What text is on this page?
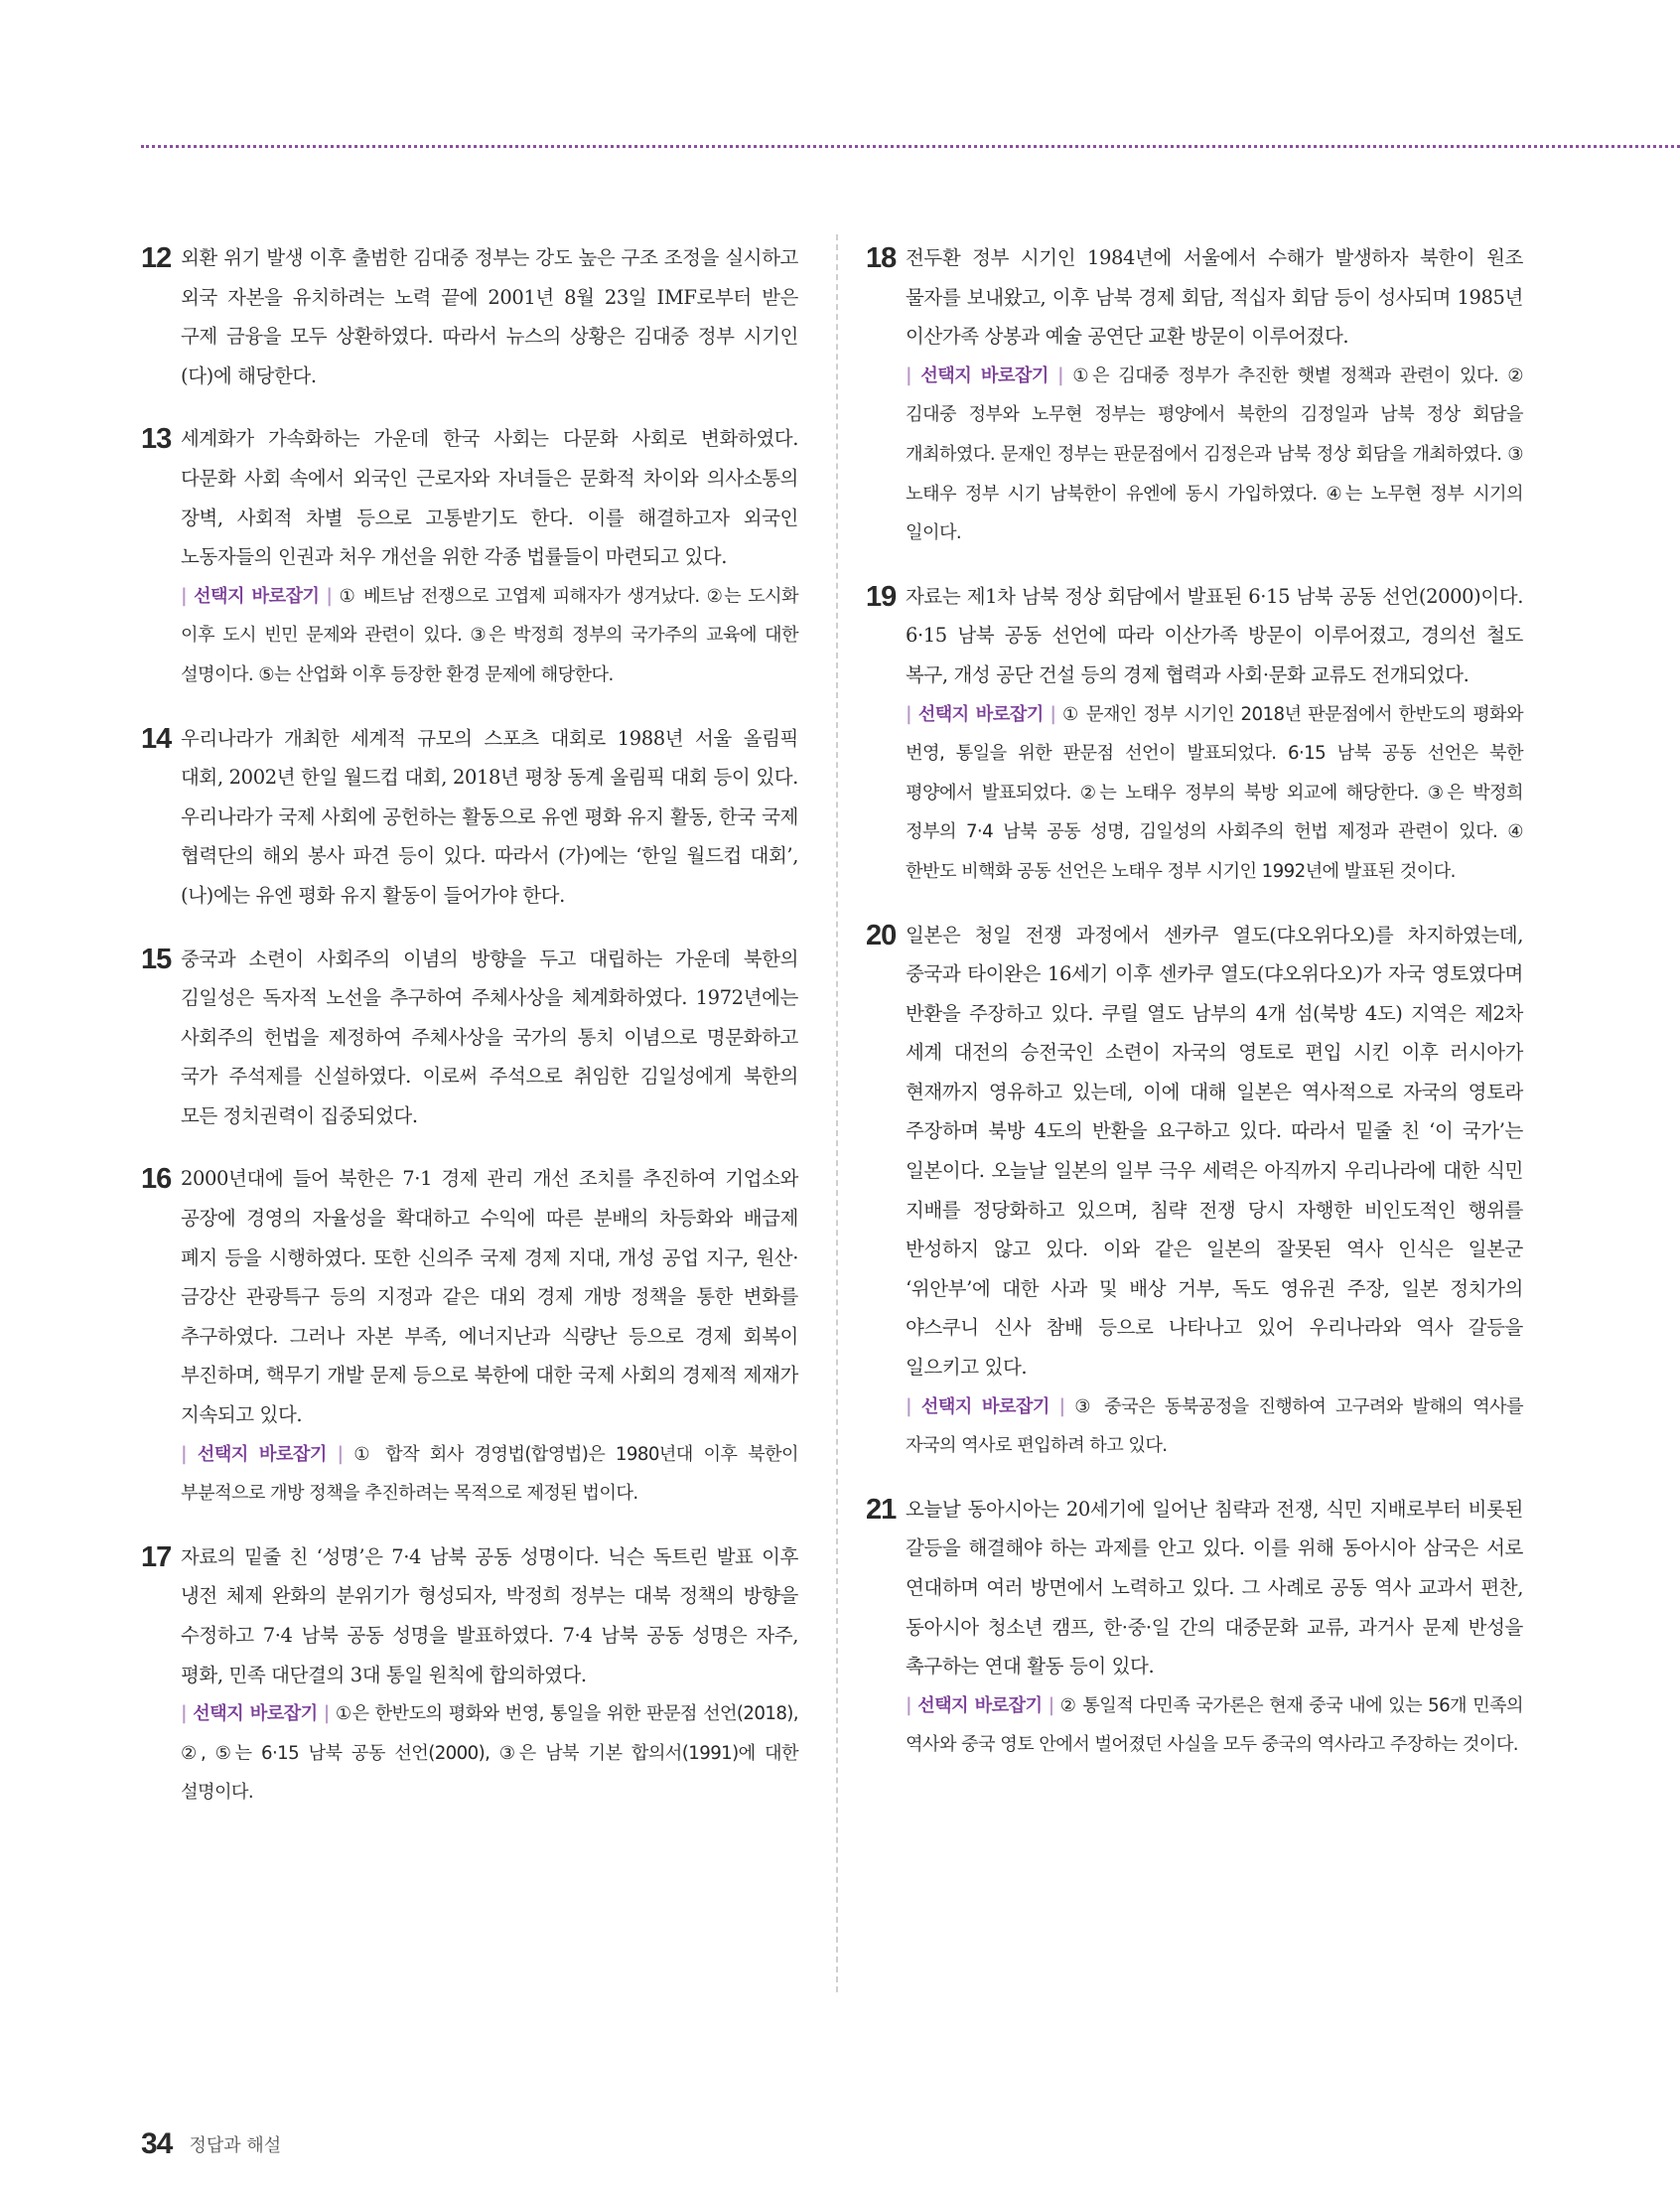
12 외환 위기 발생 이후 출범한 김대중 정부는 강도 높은 구조 조정을 실시하고 외국 자본을 유치하려는 노력 끝에 2001년 8월 23일 IMF로부터 받은 구제 금융을 모두 상환하였다. 따라서 뉴스의 상황은 김대중 정부 시기인 (다)에 해당한다.
13 세계화가 가속화하는 가운데 한국 사회는 다문화 사회로 변화하였다. 다문화 사회 속에서 외국인 근로자와 자녀들은 문화적 차이와 의사소통의 장벽, 사회적 차별 등으로 고통받기도 한다. 이를 해결하고자 외국인 노동자들의 인권과 처우 개선을 위한 각종 법률들이 마련되고 있다.
| 선택지 바로잡기 | ① 베트남 전쟁으로 고엽제 피해자가 생겨났다. ②는 도시화 이후 도시 빈민 문제와 관련이 있다. ③은 박정희 정부의 국가주의 교육에 대한 설명이다. ⑤는 산업화 이후 등장한 환경 문제에 해당한다.
14 우리나라가 개최한 세계적 규모의 스포츠 대회로 1988년 서울 올림픽 대회, 2002년 한일 월드컵 대회, 2018년 평창 동계 올림픽 대회 등이 있다. 우리나라가 국제 사회에 공헌하는 활동으로 유엔 평화 유지 활동, 한국 국제 협력단의 해외 봉사 파견 등이 있다. 따라서 (가)에는 ‘한일 월드컵 대회’, (나)에는 유엔 평화 유지 활동이 들어가야 한다.
15 중국과 소련이 사회주의 이념의 방향을 두고 대립하는 가운데 북한의 김일성은 독자적 노선을 추구하여 주체사상을 체계화하였다. 1972년에는 사회주의 헌법을 제정하여 주체사상을 국가의 통치 이념으로 명문화하고 국가 주석제를 신설하였다. 이로써 주석으로 취임한 김일성에게 북한의 모든 정치권력이 집중되었다.
16 2000년대에 들어 북한은 7·1 경제 관리 개선 조치를 추진하여 기업소와 공장에 경영의 자율성을 확대하고 수익에 따른 분배의 차등화와 배급제 폐지 등을 시행하였다. 또한 신의주 국제 경제 지대, 개성 공업 지구, 원산·금강산 관광특구 등의 지정과 같은 대외 경제 개방 정책을 통한 변화를 추구하였다. 그러나 자본 부족, 에너지난과 식량난 등으로 경제 회복이 부진하며, 핵무기 개발 문제 등으로 북한에 대한 국제 사회의 경제적 제재가 지속되고 있다.
| 선택지 바로잡기 | ① 합작 회사 경영법(합영법)은 1980년대 이후 북한이 부분적으로 개방 정책을 추진하려는 목적으로 제정된 법이다.
17 자료의 밑줄 친 ‘성명’은 7·4 남북 공동 성명이다. 닉슨 독트린 발표 이후 냉전 체제 완화의 분위기가 형성되자, 박정희 정부는 대북 정책의 방향을 수정하고 7·4 남북 공동 성명을 발표하였다. 7·4 남북 공동 성명은 자주, 평화, 민족 대단결의 3대 통일 원칙에 합의하였다.
| 선택지 바로잡기 | ①은 한반도의 평화와 번영, 통일을 위한 판문점 선언(2018), ②, ⑤는 6·15 남북 공동 선언(2000), ③은 남북 기본 합의서(1991)에 대한 설명이다.
18 전두환 정부 시기인 1984년에 서울에서 수해가 발생하자 북한이 원조 물자를 보내왔고, 이후 남북 경제 회담, 적십자 회담 등이 성사되며 1985년 이산가족 상봉과 예술 공연단 교환 방문이 이루어졌다.
| 선택지 바로잡기 | ①은 김대중 정부가 추진한 햇볕 정책과 관련이 있다. ② 김대중 정부와 노무현 정부는 평양에서 북한의 김정일과 남북 정상 회담을 개최하였다. 문재인 정부는 판문점에서 김정은과 남북 정상 회담을 개최하였다. ③ 노태우 정부 시기 남북한이 유엔에 동시 가입하였다. ④는 노무현 정부 시기의 일이다.
19 자료는 제1차 남북 정상 회담에서 발표된 6·15 남북 공동 선언(2000)이다. 6·15 남북 공동 선언에 따라 이산가족 방문이 이루어졌고, 경의선 철도 복구, 개성 공단 건설 등의 경제 협력과 사회·문화 교류도 전개되었다.
| 선택지 바로잡기 | ① 문재인 정부 시기인 2018년 판문점에서 한반도의 평화와 번영, 통일을 위한 판문점 선언이 발표되었다. 6·15 남북 공동 선언은 북한 평양에서 발표되었다. ②는 노태우 정부의 북방 외교에 해당한다. ③은 박정희 정부의 7·4 남북 공동 성명, 김일성의 사회주의 헌법 제정과 관련이 있다. ④ 한반도 비핵화 공동 선언은 노태우 정부 시기인 1992년에 발표된 것이다.
20 일본은 청일 전쟁 과정에서 센카쿠 열도(댜오위다오)를 차지하였는데, 중국과 타이완은 16세기 이후 센카쿠 열도(댜오위다오)가 자국 영토였다며 반환을 주장하고 있다. 쿠릴 열도 남부의 4개 섬(북방 4도) 지역은 제2차 세계 대전의 승전국인 소련이 자국의 영토로 편입 시킨 이후 러시아가 현재까지 영유하고 있는데, 이에 대해 일본은 역사적으로 자국의 영토라 주장하며 북방 4도의 반환을 요구하고 있다. 따라서 밑줄 친 ‘이 국가’는 일본이다. 오늘날 일본의 일부 극우 세력은 아직까지 우리나라에 대한 식민 지배를 정당화하고 있으며, 침략 전쟁 당시 자행한 비인도적인 행위를 반성하지 않고 있다. 이와 같은 일본의 잘못된 역사 인식은 일본군 ‘위안부’에 대한 사과 및 배상 거부, 독도 영유권 주장, 일본 정치가의 야스쿠니 신사 참배 등으로 나타나고 있어 우리나라와 역사 갈등을 일으키고 있다.
| 선택지 바로잡기 | ③ 중국은 동북공정을 진행하여 고구려와 발해의 역사를 자국의 역사로 편입하려 하고 있다.
21 오늘날 동아시아는 20세기에 일어난 침략과 전쟁, 식민 지배로부터 비롯된 갈등을 해결해야 하는 과제를 안고 있다. 이를 위해 동아시아 삼국은 서로 연대하며 여러 방면에서 노력하고 있다. 그 사례로 공동 역사 교과서 편찬, 동아시아 청소년 캠프, 한·중·일 간의 대중문화 교류, 과거사 문제 반성을 촉구하는 연대 활동 등이 있다.
| 선택지 바로잡기 | ② 통일적 다민족 국가론은 현재 중국 내에 있는 56개 민족의 역사와 중국 영토 안에서 벌어졌던 사실을 모두 중국의 역사라고 주장하는 것이다.
34 정답과 해설
